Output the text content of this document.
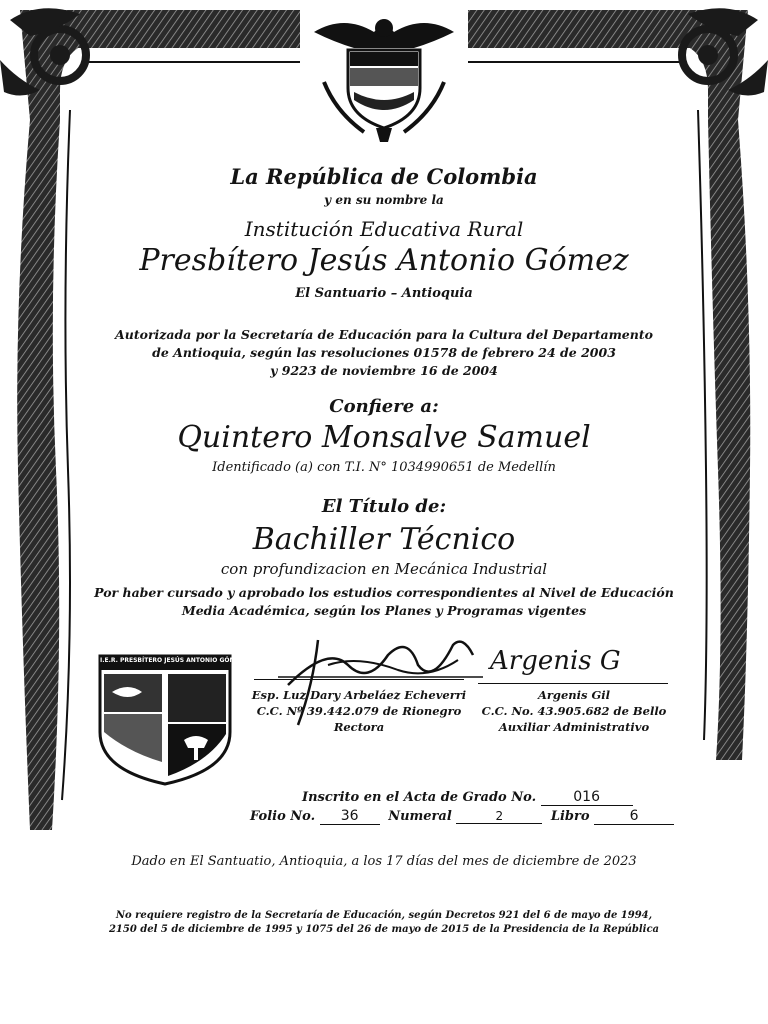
La República de Colombia
y en su nombre la
Institución Educativa Rural
Presbítero Jesús Antonio Gómez
El Santuario – Antioquia
Autorizada por la Secretaría de Educación para la Cultura del Departamento
de Antioquia, según las resoluciones 01578 de febrero 24 de 2003
y 9223 de noviembre 16 de 2004
Confiere a:
Quintero Monsalve Samuel
Identificado (a) con T.I. N° 1034990651 de Medellín
El Título de:
Bachiller Técnico
con profundizacion en Mecánica Industrial
Por haber cursado y aprobado los estudios correspondientes al Nivel de Educación
Media Académica, según los Planes y Programas vigentes
I.E.R. PRESBÍTERO JESÚS ANTONIO GÓMEZ
Esp. Luz Dary Arbeláez Echeverri
C.C. Nº 39.442.079 de Rionegro
Rectora
Argenis G
Argenis Gil
C.C. No. 43.905.682 de Bello
Auxiliar Administrativo
Inscrito en el Acta de Grado No.	016
Folio No. 36 Numeral	2	Libro	6
Dado en El Santuatio, Antioquia, a los 17 días del mes de diciembre de 2023
No requiere registro de la Secretaría de Educación, según Decretos 921 del 6 de mayo de 1994,
2150 del 5 de diciembre de 1995 y 1075 del 26 de mayo de 2015 de la Presidencia de la República
